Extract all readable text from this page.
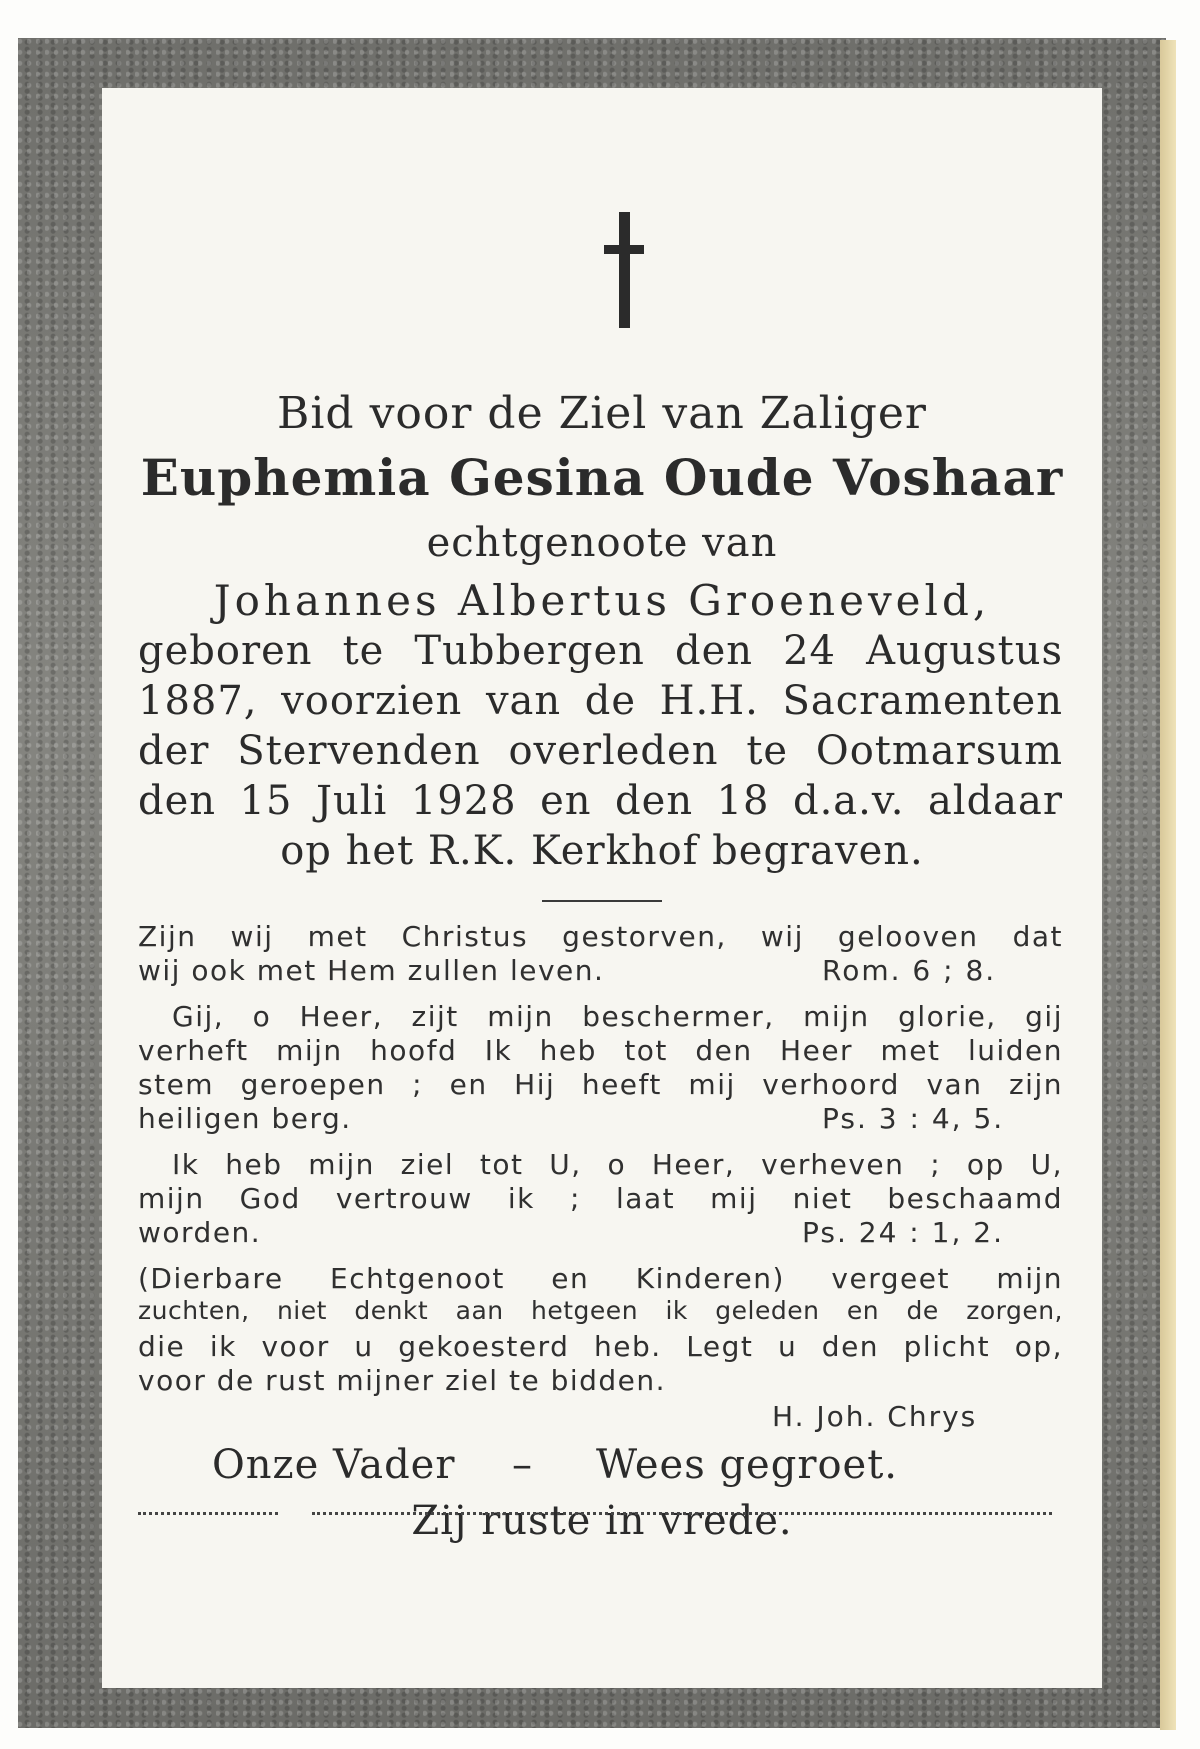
Bid voor de Ziel van Zaliger
Euphemia Gesina Oude Voshaar
echtgenoote van
Johannes Albertus Groeneveld,
geboren te Tubbergen den 24 Augustus
1887, voorzien van de H.H. Sacramenten
der Stervenden overleden te Ootmarsum
den 15 Juli 1928 en den 18 d.a.v. aldaar
op het R.K. Kerkhof begraven.
Zijn wij met Christus gestorven, wij gelooven dat
wij ook met Hem zullen leven.	Rom. 6 ; 8.
Gij, o Heer, zijt mijn beschermer, mijn glorie, gij
verheft mijn hoofd Ik heb tot den Heer met luiden
stem geroepen ; en Hij heeft mij verhoord van zijn
heiligen berg.	Ps. 3 : 4, 5.
Ik heb mijn ziel tot U, o Heer, verheven ; op U,
mijn God vertrouw ik ; laat mij niet beschaamd
worden.	Ps. 24 : 1, 2.
(Dierbare Echtgenoot en Kinderen) vergeet mijn
zuchten, niet denkt aan hetgeen ik geleden en de zorgen,
die ik voor u gekoesterd heb. Legt u den plicht op,
voor de rust mijner ziel te bidden.
H. Joh. Chrys
Onze Vader – Wees gegroet.
Zij ruste in vrede.
